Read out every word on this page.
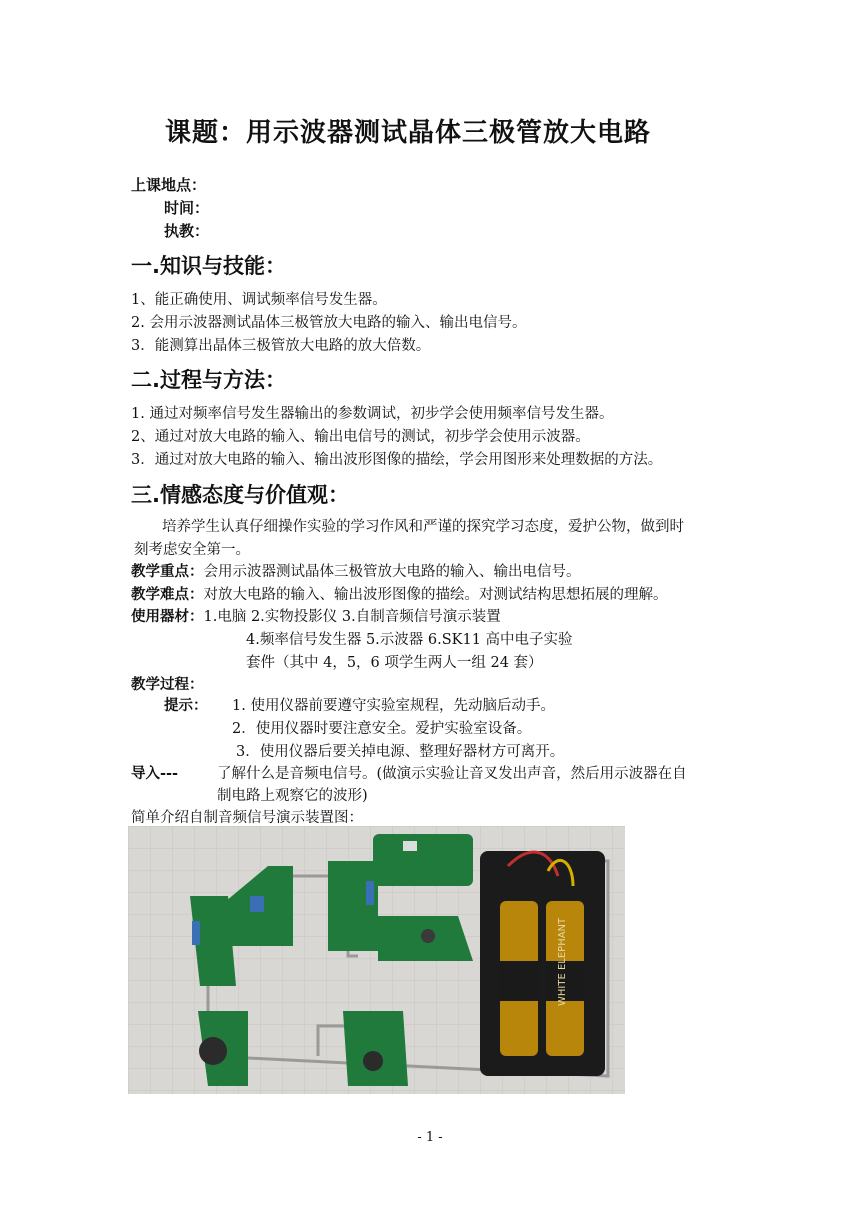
课题：用示波器测试晶体三极管放大电路
上课地点：
时间：
执教：
一.知识与技能：
1、能正确使用、调试频率信号发生器。
2. 会用示波器测试晶体三极管放大电路的输入、输出电信号。
3．能测算出晶体三极管放大电路的放大倍数。
二.过程与方法：
1. 通过对频率信号发生器输出的参数调试，初步学会使用频率信号发生器。
2、通过对放大电路的输入、输出电信号的测试，初步学会使用示波器。
3．通过对放大电路的输入、输出波形图像的描绘，学会用图形来处理数据的方法。
三.情感态度与价值观：
培养学生认真仔细操作实验的学习作风和严谨的探究学习态度，爱护公物，做到时
刻考虑安全第一。
教学重点：会用示波器测试晶体三极管放大电路的输入、输出电信号。
教学难点：对放大电路的输入、输出波形图像的描绘。对测试结构思想拓展的理解。
使用器材：1.电脑 2.实物投影仪 3.自制音频信号演示装置
4.频率信号发生器 5.示波器 6.SK11 高中电子实验
套件（其中 4，5，6 项学生两人一组 24 套）
教学过程：
提示： 1. 使用仪器前要遵守实验室规程，先动脑后动手。
2．使用仪器时要注意安全。爱护实验室设备。
3．使用仪器后要关掉电源、整理好器材方可离开。
导入---	了解什么是音频电信号。(做演示实验让音叉发出声音，然后用示波器在自
制电路上观察它的波形)
简单介绍自制音频信号演示装置图：
WHITE ELEPHANT
- 1 -
